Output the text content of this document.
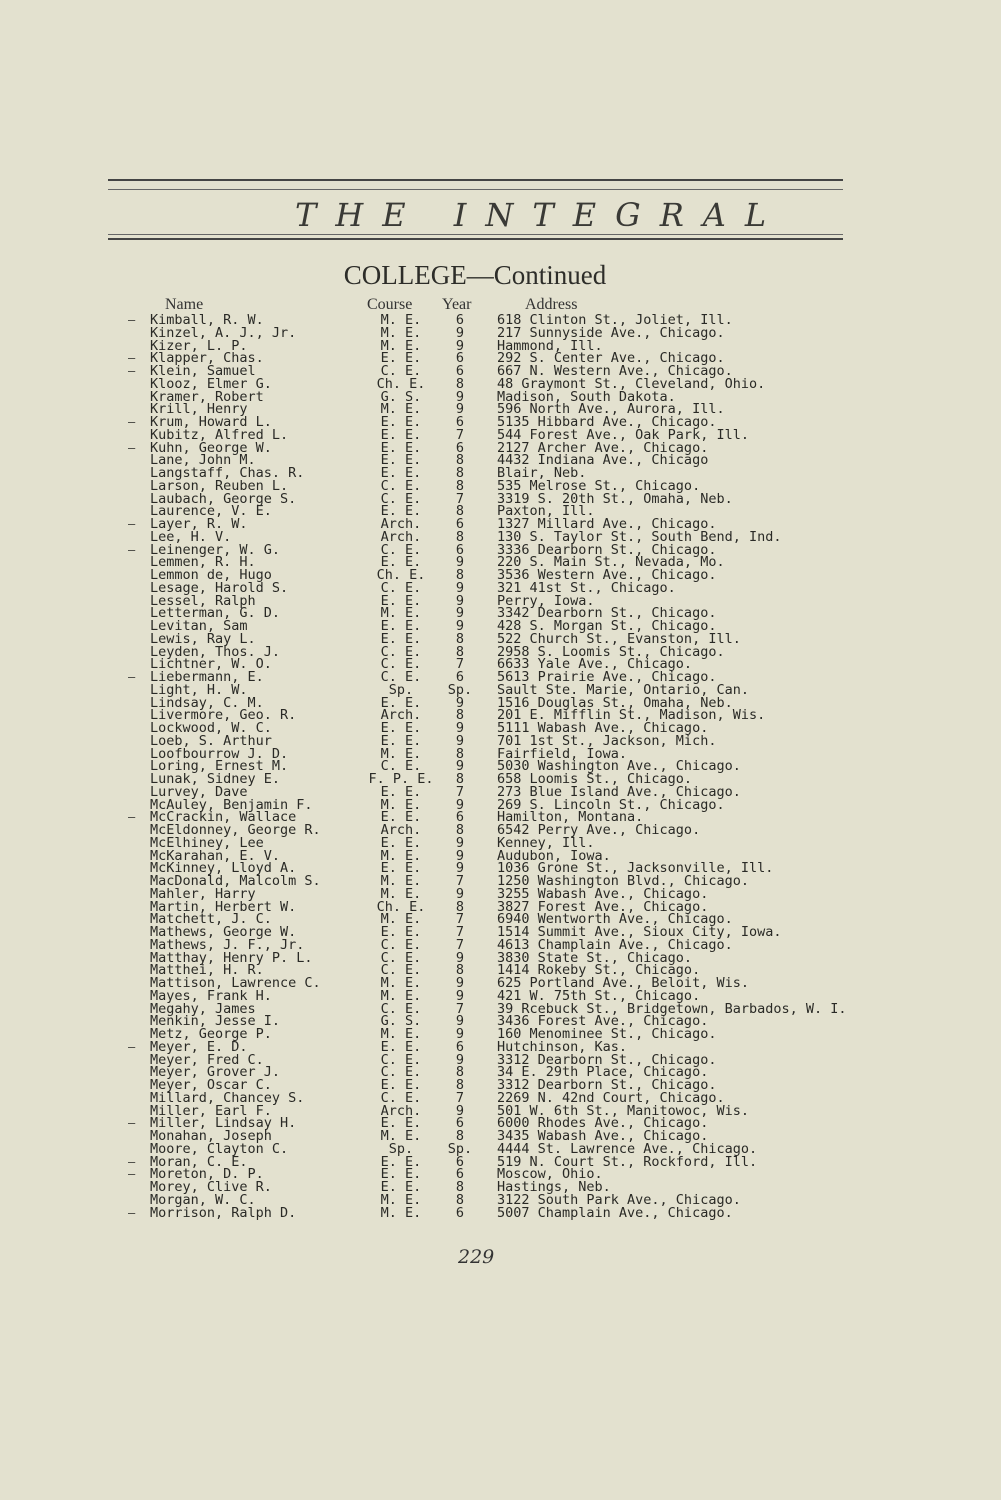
THE INTEGRAL
COLLEGE—Continued
Name	Course Year	Address
— Kimball, R. W.	M. E.	6	618 Clinton St., Joliet, Ill.
Kinzel, A. J., Jr.	M. E.	9	217 Sunnyside Ave., Chicago.
Kizer, L. P.	M. E.	9	Hammond, Ill.
— Klapper, Chas.	E. E.	6	292 S. Center Ave., Chicago.
— Klein, Samuel	C. E.	6	667 N. Western Ave., Chicago.
Klooz, Elmer G.	Ch. E.	8	48 Graymont St., Cleveland, Ohio.
Kramer, Robert	G. S.	9	Madison, South Dakota.
Krill, Henry	M. E.	9	596 North Ave., Aurora, Ill.
— Krum, Howard L.	E. E.	6	5135 Hibbard Ave., Chicago.
Kubitz, Alfred L.	E. E.	7	544 Forest Ave., Oak Park, Ill.
— Kuhn, George W.	E. E.	6	2127 Archer Ave., Chicago.
Lane, John M.	E. E.	8	4432 Indiana Ave., Chicago
Langstaff, Chas. R.	E. E.	8	Blair, Neb.
Larson, Reuben L.	C. E.	8	535 Melrose St., Chicago.
Laubach, George S.	C. E.	7	3319 S. 20th St., Omaha, Neb.
Laurence, V. E.	E. E.	8	Paxton, Ill.
— Layer, R. W.	Arch.	6	1327 Millard Ave., Chicago.
Lee, H. V.	Arch.	8	130 S. Taylor St., South Bend, Ind.
— Leinenger, W. G.	C. E.	6	3336 Dearborn St., Chicago.
Lemmen, R. H.	E. E.	9	220 S. Main St., Nevada, Mo.
Lemmon de, Hugo	Ch. E.	8	3536 Western Ave., Chicago.
Lesage, Harold S.	C. E.	9	321 41st St., Chicago.
Lessel, Ralph	E. E.	9	Perry, Iowa.
Letterman, G. D.	M. E.	9	3342 Dearborn St., Chicago.
Levitan, Sam	E. E.	9	428 S. Morgan St., Chicago.
Lewis, Ray L.	E. E.	8	522 Church St., Evanston, Ill.
Leyden, Thos. J.	C. E.	8	2958 S. Loomis St., Chicago.
Lichtner, W. O.	C. E.	7	6633 Yale Ave., Chicago.
— Liebermann, E.	C. E.	6	5613 Prairie Ave., Chicago.
Light, H. W.	Sp.	Sp.	Sault Ste. Marie, Ontario, Can.
Lindsay, C. M.	E. E.	9	1516 Douglas St., Omaha, Neb.
Livermore, Geo. R.	Arch.	8	201 E. Mifflin St., Madison, Wis.
Lockwood, W. C.	E. E.	9	5111 Wabash Ave., Chicago.
Loeb, S. Arthur	E. E.	9	701 1st St., Jackson, Mich.
Loofbourrow J. D.	M. E.	8	Fairfield, Iowa.
Loring, Ernest M.	C. E.	9	5030 Washington Ave., Chicago.
Lunak, Sidney E.	F. P. E.	8	658 Loomis St., Chicago.
Lurvey, Dave	E. E.	7	273 Blue Island Ave., Chicago.
McAuley, Benjamin F.	M. E.	9	269 S. Lincoln St., Chicago.
— McCrackin, Wallace	E. E.	6	Hamilton, Montana.
McEldonney, George R.	Arch.	8	6542 Perry Ave., Chicago.
McElhiney, Lee	E. E.	9	Kenney, Ill.
McKarahan, E. V.	M. E.	9	Audubon, Iowa.
McKinney, Lloyd A.	E. E.	9	1036 Grone St., Jacksonville, Ill.
MacDonald, Malcolm S.	M. E.	7	1250 Washington Blvd., Chicago.
Mahler, Harry	M. E.	9	3255 Wabash Ave., Chicago.
Martin, Herbert W.	Ch. E.	8	3827 Forest Ave., Chicago.
Matchett, J. C.	M. E.	7	6940 Wentworth Ave., Chicago.
Mathews, George W.	E. E.	7	1514 Summit Ave., Sioux City, Iowa.
Mathews, J. F., Jr.	C. E.	7	4613 Champlain Ave., Chicago.
Matthay, Henry P. L.	C. E.	9	3830 State St., Chicago.
Matthei, H. R.	C. E.	8	1414 Rokeby St., Chicago.
Mattison, Lawrence C.	M. E.	9	625 Portland Ave., Beloit, Wis.
Mayes, Frank H.	M. E.	9	421 W. 75th St., Chicago.
Megahy, James	C. E.	7	39 Rcebuck St., Bridgetown, Barbados, W. I.
Menkin, Jesse I.	G. S.	9	3436 Forest Ave., Chicago.
Metz, George P.	M. E.	9	160 Menominee St., Chicago.
— Meyer, E. D.	E. E.	6	Hutchinson, Kas.
Meyer, Fred C.	C. E.	9	3312 Dearborn St., Chicago.
Meyer, Grover J.	C. E.	8	34 E. 29th Place, Chicago.
Meyer, Oscar C.	E. E.	8	3312 Dearborn St., Chicago.
Millard, Chancey S.	C. E.	7	2269 N. 42nd Court, Chicago.
Miller, Earl F.	Arch.	9	501 W. 6th St., Manitowoc, Wis.
— Miller, Lindsay H.	E. E.	6	6000 Rhodes Ave., Chicago.
Monahan, Joseph	M. E.	8	3435 Wabash Ave., Chicago.
Moore, Clayton C.	Sp.	Sp.	4444 St. Lawrence Ave., Chicago.
— Moran, C. E.	E. E.	6	519 N. Court St., Rockford, Ill.
— Moreton, D. P.	E. E.	6	Moscow, Ohio.
Morey, Clive R.	E. E.	8	Hastings, Neb.
Morgan, W. C.	M. E.	8	3122 South Park Ave., Chicago.
— Morrison, Ralph D.	M. E.	6	5007 Champlain Ave., Chicago.
229
